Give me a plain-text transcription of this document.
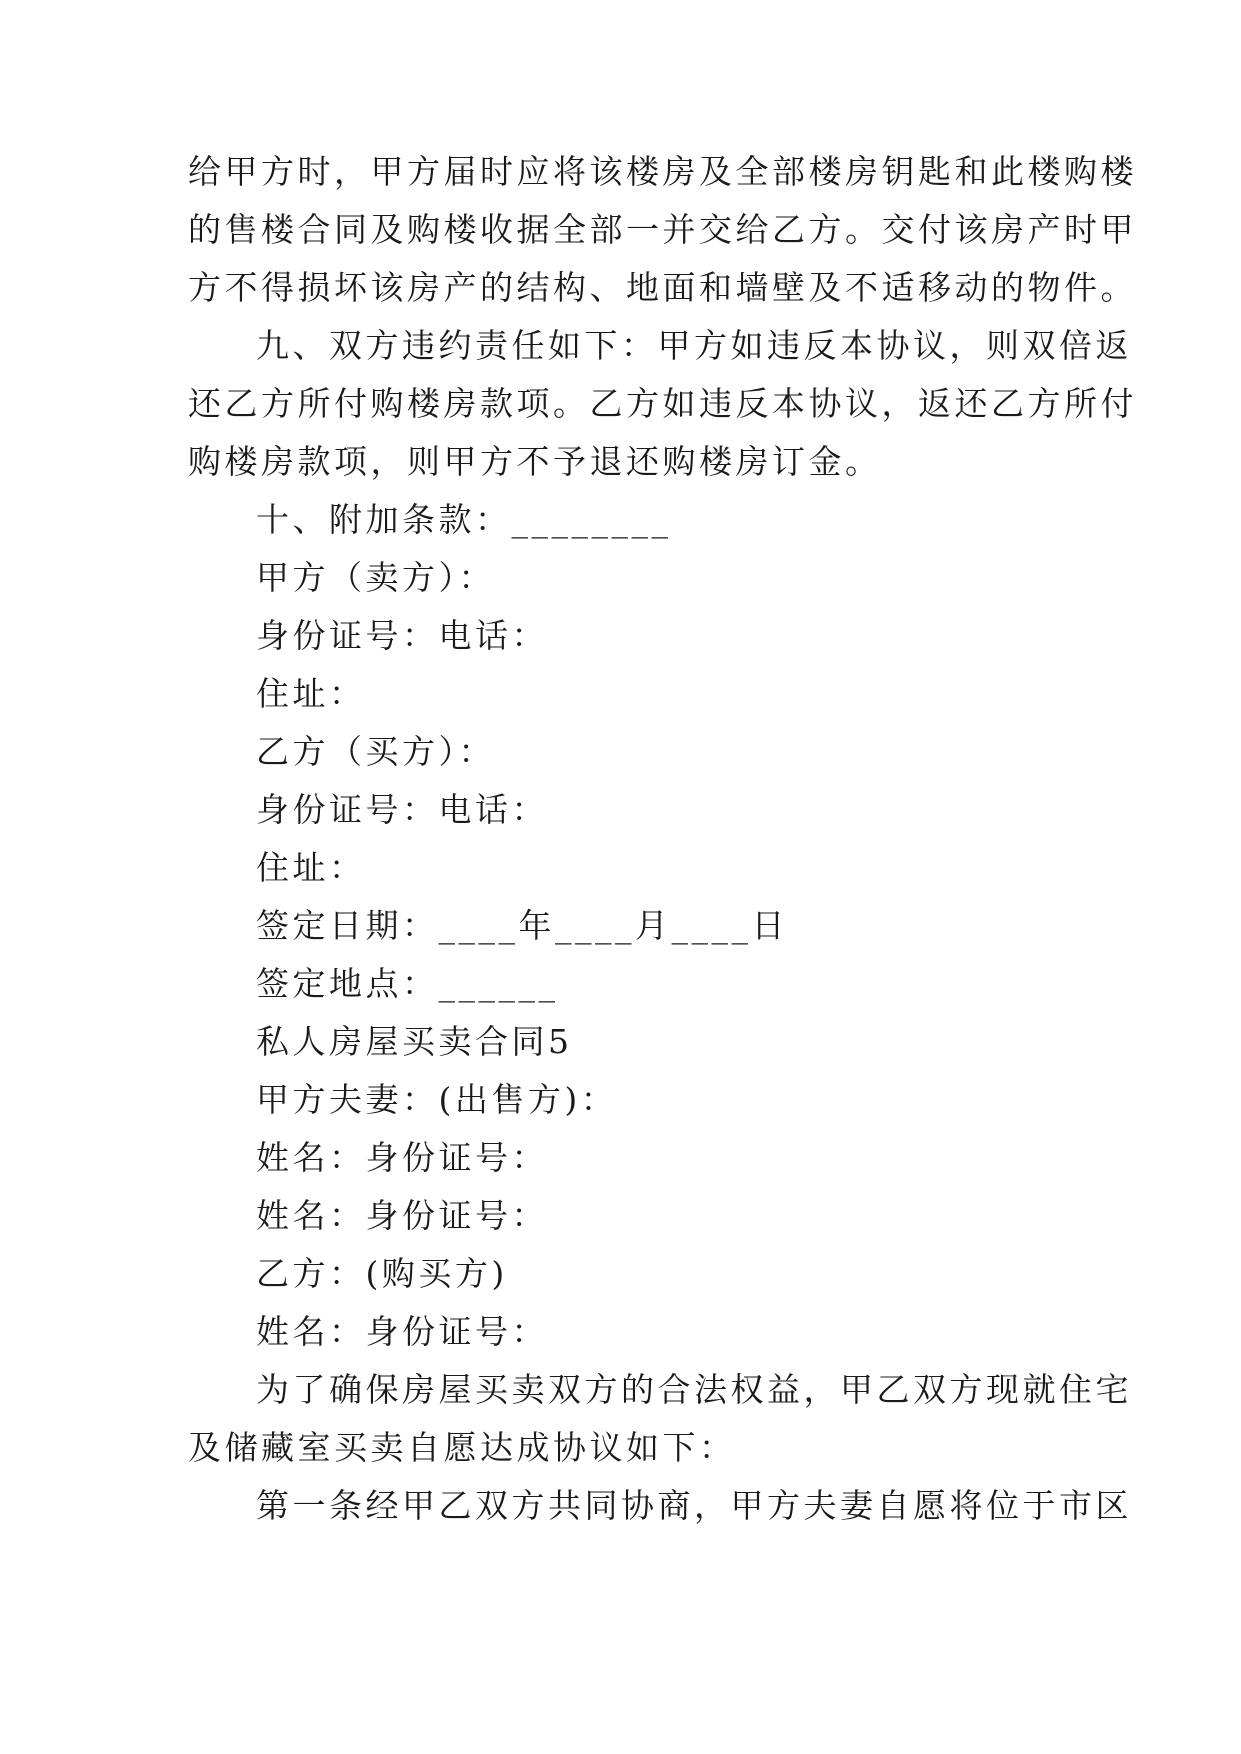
给甲方时，甲方届时应将该楼房及全部楼房钥匙和此楼购楼
的售楼合同及购楼收据全部一并交给乙方。交付该房产时甲
方不得损坏该房产的结构、地面和墙壁及不适移动的物件。
九、双方违约责任如下：甲方如违反本协议，则双倍返
还乙方所付购楼房款项。乙方如违反本协议，返还乙方所付
购楼房款项，则甲方不予退还购楼房订金。
十、附加条款：________
甲方（卖方）：
身份证号：电话：
住址：
乙方（买方）：
身份证号：电话：
住址：
签定日期：____年____月____日
签定地点：______
私人房屋买卖合同5
甲方夫妻：(出售方)：
姓名：身份证号：
姓名：身份证号：
乙方：(购买方)
姓名：身份证号：
为了确保房屋买卖双方的合法权益，甲乙双方现就住宅
及储藏室买卖自愿达成协议如下：
第一条经甲乙双方共同协商，甲方夫妻自愿将位于市区
